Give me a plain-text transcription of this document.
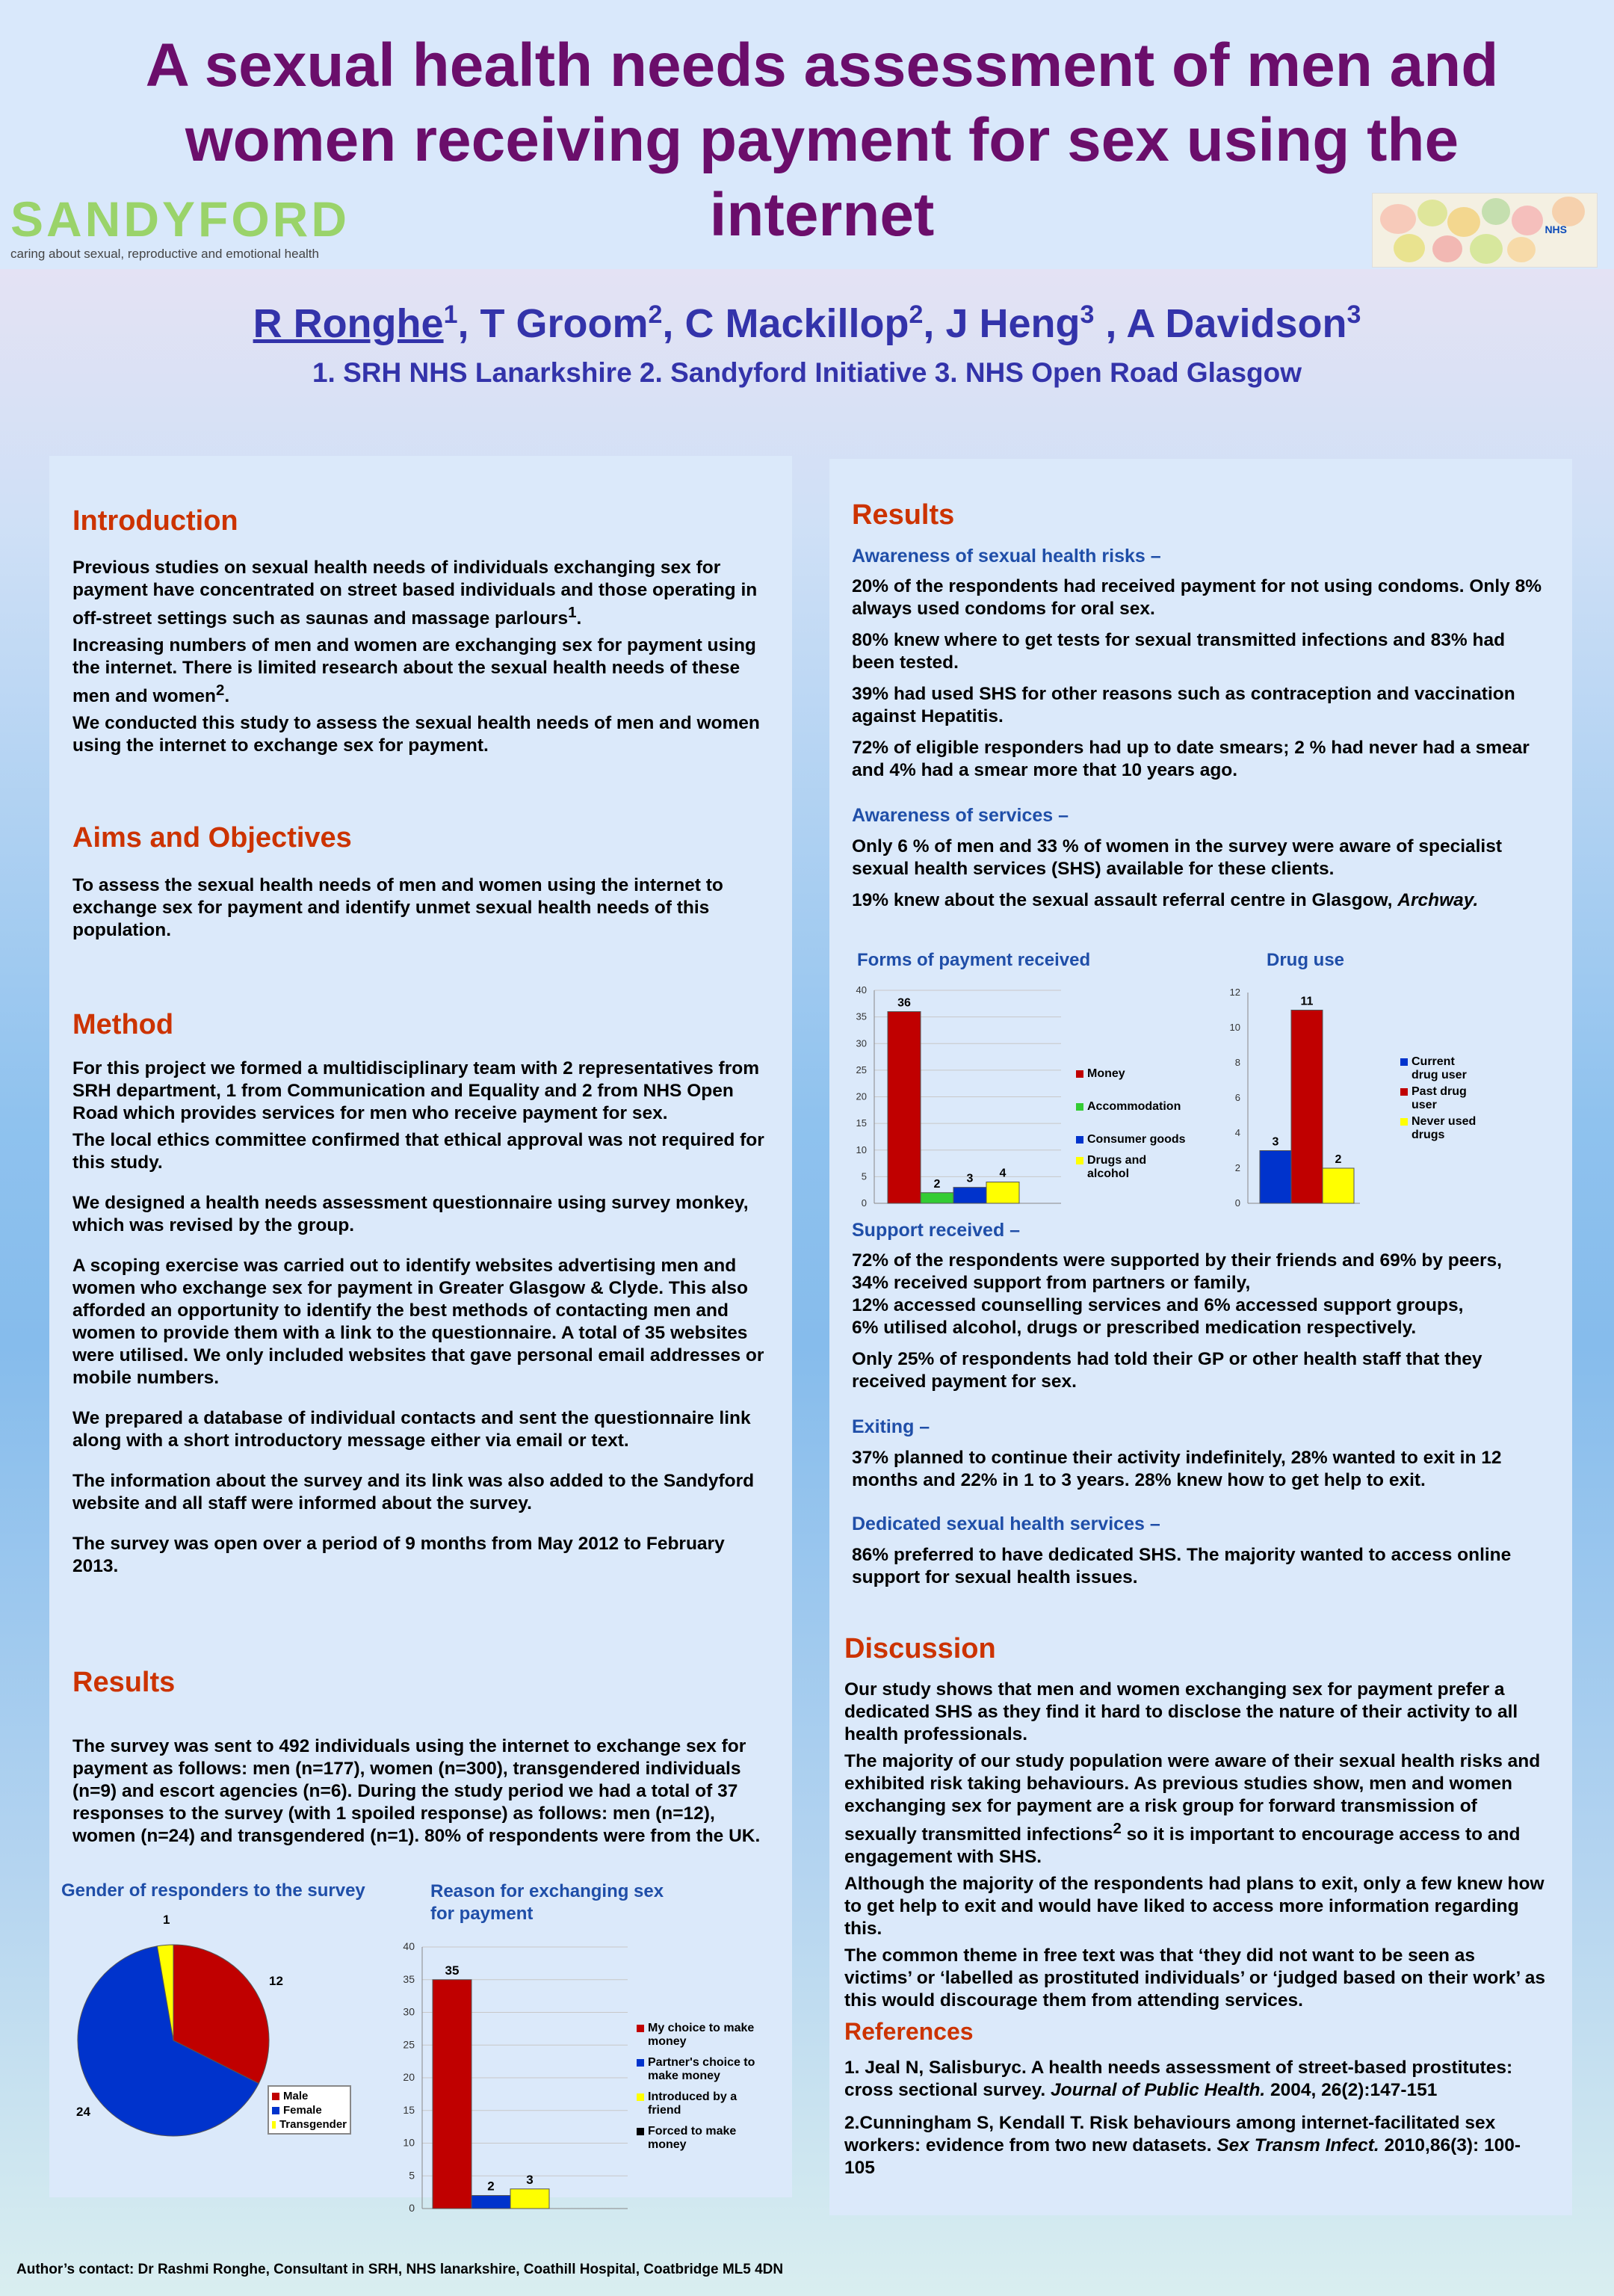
A sexual health needs assessment of men and women receiving payment for sex using the internet
SANDYFORD
caring about sexual, reproductive and emotional health
NHS
R Ronghe$^1$, T Groom$^2$, C Mackillop$^2$, J Heng$^3$ , A Davidson$^3$
1. SRH NHS Lanarkshire 2. Sandyford Initiative 3. NHS Open Road Glasgow
Introduction

Previous studies on sexual health needs of individuals exchanging sex for payment have concentrated on street based individuals and those operating in off-street settings such as saunas and massage parlours$^1$.

Increasing numbers of men and women are exchanging sex for payment using the internet. There is limited research about the sexual health needs of these men and women$^2$.

We conducted this study to assess the sexual health needs of men and women using the internet to exchange sex for payment.

Aims and Objectives

To assess the sexual health needs of men and women using the internet to exchange sex for payment and identify unmet sexual health needs of this population.

Method

For this project we formed a multidisciplinary team with 2 representatives from SRH department, 1 from Communication and Equality and 2 from NHS Open Road which provides services for men who receive payment for sex.

The local ethics committee confirmed that ethical approval was not required for this study.

We designed a health needs assessment questionnaire using survey monkey, which was revised by the group.

A scoping exercise was carried out to identify websites advertising men and women who exchange sex for payment in Greater Glasgow & Clyde. This also afforded an opportunity to identify the best methods of contacting men and women to provide them with a link to the questionnaire. A total of 35 websites were utilised. We only included websites that gave personal email addresses or mobile numbers.

We prepared a database of individual contacts and sent the questionnaire link along with a short introductory message either via email or text.

The information about the survey and its link was also added to the Sandyford website and all staff were informed about the survey.

The survey was open over a period of 9 months from May 2012 to February 2013.

Results

The survey was sent to 492 individuals using the internet to exchange sex for payment as follows: men (n=177), women (n=300), transgendered individuals (n=9) and escort agencies (n=6). During the study period we had a total of 37 responses to the survey (with 1 spoiled response) as follows: men (n=12), women (n=24) and transgendered (n=1). 80% of respondents were from the UK.

Gender of responders to the survey
12
24
1
Male
Female
Transgender
Reason for exchanging sex for payment
0
5
10
15
20
25
30
35
40
35
2	3
My choice to make money
Partner's choice to make money
Introduced by a friend
Forced to make money
Results
Awareness of sexual health risks –

20% of the respondents had received payment for not using condoms. Only 8% always used condoms for oral sex.

80% knew where to get tests for sexual transmitted infections and 83% had been tested.

39% had used SHS for other reasons such as contraception and vaccination against Hepatitis.

72% of eligible responders had up to date smears; 2 % had never had a smear and 4% had a smear more that 10 years ago.

Awareness of services –

Only 6 % of men and 33 % of women in the survey were aware of specialist sexual health services (SHS) available for these clients.

19% knew about the sexual assault referral centre in Glasgow, Archway.

Forms of payment received
0
5
10
15
20
25
30
35
40
36
2 3 4
Money
Accommodation
Consumer goods
Drugs and alcohol
Drug use
0
2
4
6
8
10
12
3
11
2
Current drug user
Past drug user
Never used drugs
Support received –

72% of the respondents were supported by their friends and 69% by peers,

34% received support from partners or family,

12% accessed counselling services and 6% accessed support groups,

6% utilised alcohol, drugs or prescribed medication respectively.

Only 25% of respondents had told their GP or other health staff that they received payment for sex.

Exiting –

37% planned to continue their activity indefinitely, 28% wanted to exit in 12 months and 22% in 1 to 3 years. 28% knew how to get help to exit.

Dedicated sexual health services –

86% preferred to have dedicated SHS. The majority wanted to access online support for sexual health issues.

Discussion

Our study shows that men and women exchanging sex for payment prefer a dedicated SHS as they find it hard to disclose the nature of their activity to all health professionals.

The majority of our study population were aware of their sexual health risks and exhibited risk taking behaviours. As previous studies show, men and women exchanging sex for payment are a risk group for forward transmission of sexually transmitted infections$^2$ so it is important to encourage access to and engagement with SHS.

Although the majority of the respondents had plans to exit, only a few knew how to get help to exit and would have liked to access more information regarding this.

The common theme in free text was that ‘they did not want to be seen as victims’ or ‘labelled as prostituted individuals’ or ‘judged based on their work’ as this would discourage them from attending services.

References

1. Jeal N, Salisburyc. A health needs assessment of street-based prostitutes: cross sectional survey. Journal of Public Health. 2004, 26(2):147-151

2.Cunningham S, Kendall T. Risk behaviours among internet-facilitated sex workers: evidence from two new datasets. Sex Transm Infect. 2010,86(3): 100-105

Author’s contact: Dr Rashmi Ronghe, Consultant in SRH, NHS lanarkshire, Coathill Hospital, Coatbridge ML5 4DN
